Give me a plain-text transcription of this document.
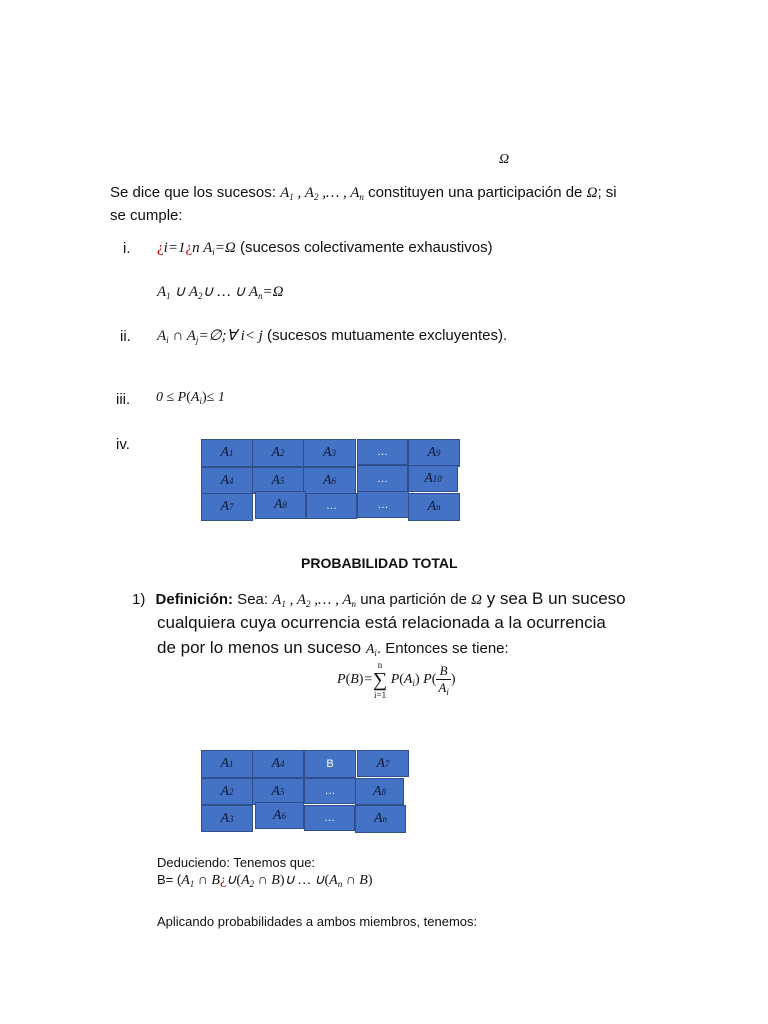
Ω
Se dice que los sucesos: $A_1$ , $A_2$ ,… , $A_n$ constituyen una participación de Ω; si
se cumple:
i. ¿i=1¿n $A_i=\Omega$ (sucesos colectivamente exhaustivos)
$A_1$ ∪ $A_2\cup$ … ∪ $A_n=\Omega$
ii. $A_i$ ∩ $A_j=\emptyset;\forall$ i< j (sucesos mutuamente excluyentes).
iii. $0 \le P(A_i)\le 1$
iv.	A 1	A 2	A 3	…	A 9
A 4	A 5	A 6	…	A 10
A 7	A 8	…	…	A n
PROBABILIDAD TOTAL
1) Definición: Sea: $A_1$ , $A_2$ ,… , $A_n$ una partición de Ω y sea B un suceso
cualquiera cuya ocurrencia está relacionada a la ocurrencia
de por lo menos un suceso $A_i$. Entonces se tiene:
P(B)=
n
∑
i=1
$P(A_i)$ $P( \frac{B}{A_i}$ )
A 1	A 4	B	A 7
A 2	A 5	…	A 8
A 3	A 6	…	A n
Deduciendo: Tenemos que:
$B= (A_1$ ∩ $B¿\cup(A_2$ ∩ B)∪ … $\cup(A_n$ ∩ B)
Aplicando probabilidades a ambos miembros, tenemos:
